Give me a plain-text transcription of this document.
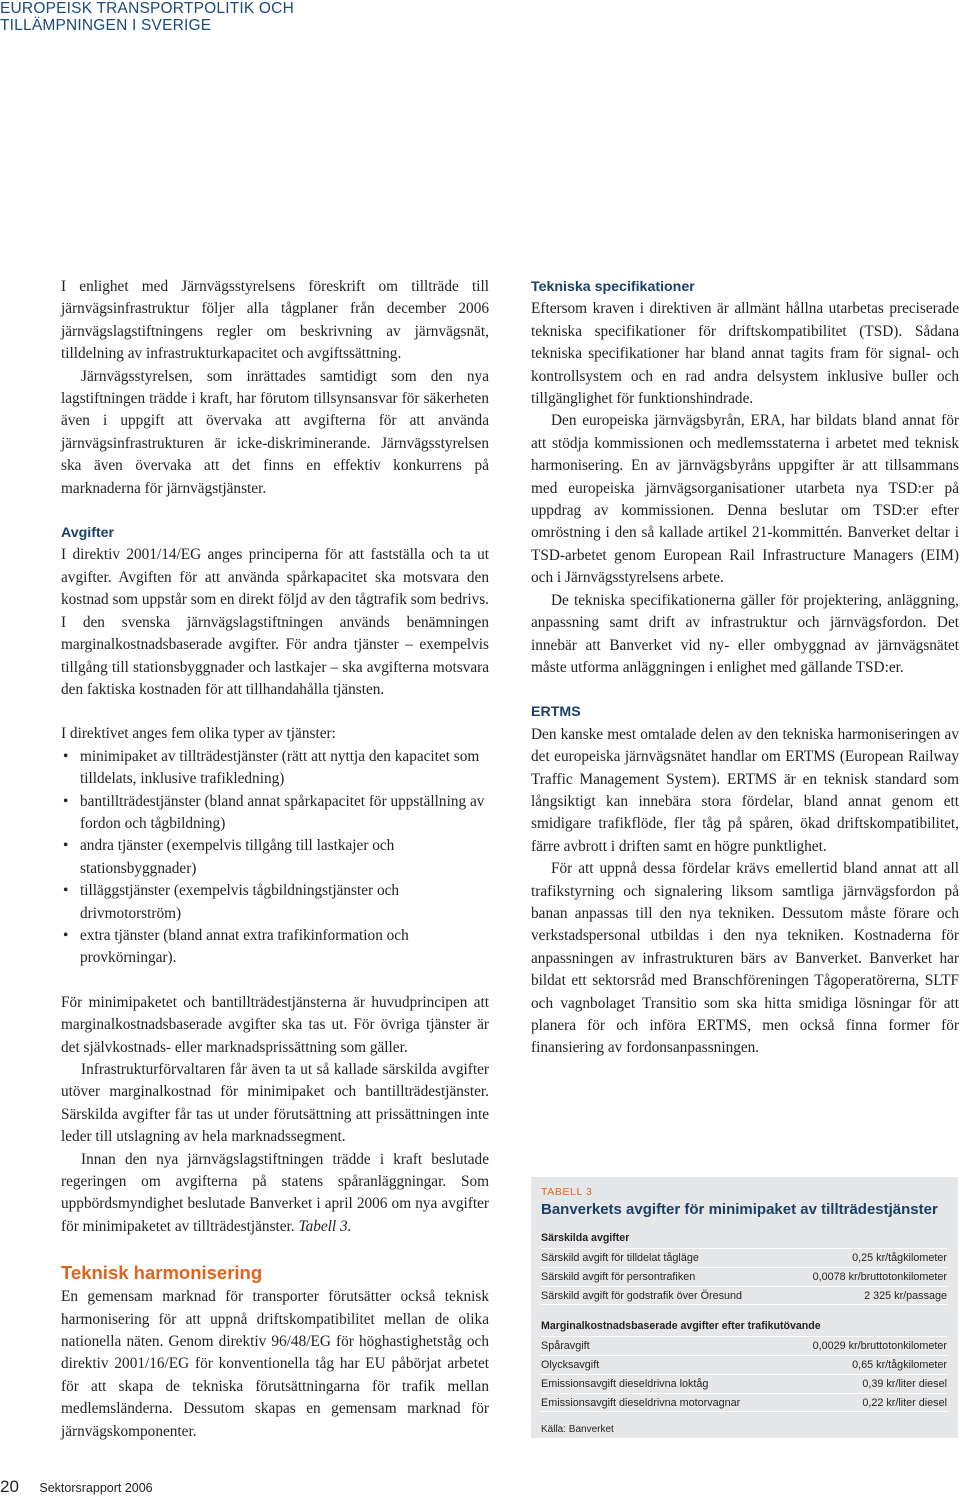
EUROPEISK TRANSPORTPOLITIK OCH
TILLÄMPNINGEN I SVERIGE

I enlighet med Järnvägsstyrelsens föreskrift om tillträde till järnvägsinfrastruktur följer alla tågplaner från december 2006 järnvägslagstiftningens regler om beskrivning av järnvägsnät, tilldelning av infrastrukturkapacitet och avgiftssättning.

Järnvägsstyrelsen, som inrättades samtidigt som den nya lagstiftningen trädde i kraft, har förutom tillsynsansvar för säkerheten även i uppgift att övervaka att avgifterna för att använda järnvägsinfrastrukturen är icke-diskriminerande. Järnvägsstyrelsen ska även övervaka att det finns en effektiv konkurrens på marknaderna för järnvägstjänster.

Avgifter

I direktiv 2001/14/EG anges principerna för att fastställa och ta ut avgifter. Avgiften för att använda spårkapacitet ska motsvara den kostnad som uppstår som en direkt följd av den tågtrafik som bedrivs. I den svenska järnvägslagstiftningen används benämningen marginalkostnadsbaserade avgifter. För andra tjänster – exempelvis tillgång till stationsbyggnader och lastkajer – ska avgifterna motsvara den faktiska kostnaden för att tillhandahålla tjänsten.

I direktivet anges fem olika typer av tjänster:

• minimipaket av tillträdestjänster (rätt att nyttja den kapacitet som tilldelats, inklusive trafikledning)
• bantillträdestjänster (bland annat spårkapacitet för uppställning av fordon och tågbildning)
• andra tjänster (exempelvis tillgång till lastkajer och stationsbyggnader)
• tilläggstjänster (exempelvis tågbildningstjänster och drivmotorström)
• extra tjänster (bland annat extra trafikinformation och provkörningar).

För minimipaketet och bantillträdestjänsterna är huvudprincipen att marginalkostnadsbaserade avgifter ska tas ut. För övriga tjänster är det självkostnads- eller marknadsprissättning som gäller.

Infrastrukturförvaltaren får även ta ut så kallade särskilda avgifter utöver marginalkostnad för minimipaket och bantillträdestjänster. Särskilda avgifter får tas ut under förutsättning att prissättningen inte leder till utslagning av hela marknadssegment.

Innan den nya järnvägslagstiftningen trädde i kraft beslutade regeringen om avgifterna på statens spåranläggningar. Som uppbördsmyndighet beslutade Banverket i april 2006 om nya avgifter för minimipaketet av tillträdestjänster. Tabell 3.

Teknisk harmonisering

En gemensam marknad för transporter förutsätter också teknisk harmonisering för att uppnå driftskompatibilitet mellan de olika nationella näten. Genom direktiv 96/48/EG för höghastighetståg och direktiv 2001/16/EG för konventionella tåg har EU påbörjat arbetet för att skapa de tekniska förutsättningarna för trafik mellan medlemsländerna. Dessutom skapas en gemensam marknad för järnvägskomponenter.

Tekniska specifikationer

Eftersom kraven i direktiven är allmänt hållna utarbetas preciserade tekniska specifikationer för driftskompatibilitet (TSD). Sådana tekniska specifikationer har bland annat tagits fram för signal- och kontrollsystem och en rad andra delsystem inklusive buller och tillgänglighet för funktionshindrade.

Den europeiska järnvägsbyrån, ERA, har bildats bland annat för att stödja kommissionen och medlemsstaterna i arbetet med teknisk harmonisering. En av järnvägsbyråns uppgifter är att tillsammans med europeiska järnvägsorganisationer utarbeta nya TSD:er på uppdrag av kommissionen. Denna beslutar om TSD:er efter omröstning i den så kallade artikel 21-kommittén. Banverket deltar i TSD-arbetet genom European Rail Infrastructure Managers (EIM) och i Järnvägsstyrelsens arbete.

De tekniska specifikationerna gäller för projektering, anläggning, anpassning samt drift av infrastruktur och järnvägsfordon. Det innebär att Banverket vid ny- eller ombyggnad av järnvägsnätet måste utforma anläggningen i enlighet med gällande TSD:er.

ERTMS

Den kanske mest omtalade delen av den tekniska harmoniseringen av det europeiska järnvägsnätet handlar om ERTMS (European Railway Traffic Management System). ERTMS är en teknisk standard som långsiktigt kan innebära stora fördelar, bland annat genom ett smidigare trafikflöde, fler tåg på spåren, ökad driftskompatibilitet, färre avbrott i driften samt en högre punktlighet.

För att uppnå dessa fördelar krävs emellertid bland annat att all trafikstyrning och signalering liksom samtliga järnvägsfordon på banan anpassas till den nya tekniken. Dessutom måste förare och verkstadspersonal utbildas i den nya tekniken. Kostnaderna för anpassningen av infrastrukturen bärs av Banverket. Banverket har bildat ett sektorsråd med Branschföreningen Tågoperatörerna, SLTF och vagnbolaget Transitio som ska hitta smidiga lösningar för att planera för och införa ERTMS, men också finna former för finansiering av fordonsanpassningen.

TABELL 3
Banverkets avgifter för minimipaket av tillträdestjänster
Särskilda avgifter
Särskild avgift för tilldelat tågläge	0,25 kr/tågkilometer
Särskild avgift för persontrafiken	0,0078 kr/bruttotonkilometer
Särskild avgift för godstrafik över Öresund	2 325 kr/passage
Marginalkostnadsbaserade avgifter efter trafikutövande
Spåravgift	0,0029 kr/bruttotonkilometer
Olycksavgift	0,65 kr/tågkilometer
Emissionsavgift dieseldrivna loktåg	0,39 kr/liter diesel
Emissionsavgift dieseldrivna motorvagnar	0,22 kr/liter diesel
Källa: Banverket
20 Sektorsrapport 2006
